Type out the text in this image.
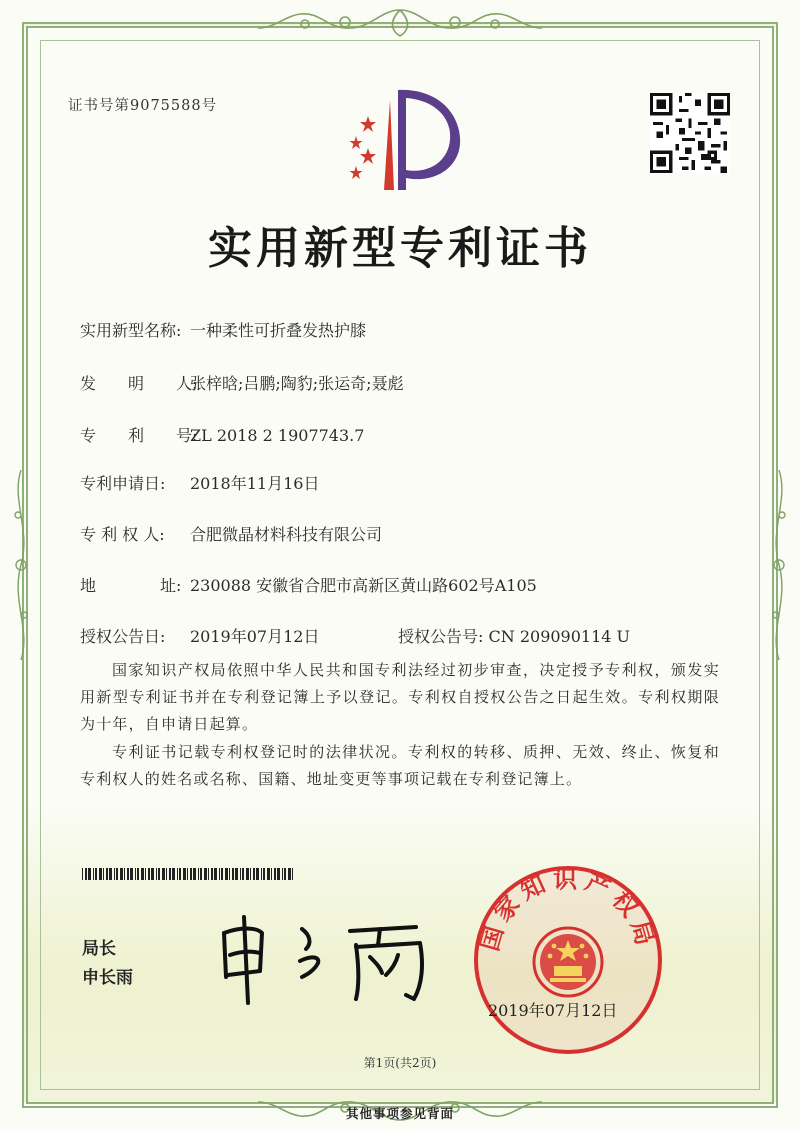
证书号第9075588号
实用新型专利证书
实用新型名称: 一种柔性可折叠发热护膝
发　　明　　人:张梓晗;吕鹏;陶豹;张运奇;聂彪
专　　利　　号:ZL 2018 2 1907743.7
专利申请日: 2018年11月16日
专 利 权 人: 合肥微晶材料科技有限公司
地　　　　址: 230088 安徽省合肥市高新区黄山路602号A105
授权公告日: 2019年07月12日	授权公告号: CN 209090114 U
国家知识产权局依照中华人民共和国专利法经过初步审查，决定授予专利权，颁发实用新型专利证书并在专利登记簿上予以登记。专利权自授权公告之日起生效。专利权期限为十年，自申请日起算。
专利证书记载专利权登记时的法律状况。专利权的转移、质押、无效、终止、恢复和专利权人的姓名或名称、国籍、地址变更等事项记载在专利登记簿上。
局长
申长雨
国家知识产权局
2019年07月12日
第1页(共2页)
其他事项参见背面
